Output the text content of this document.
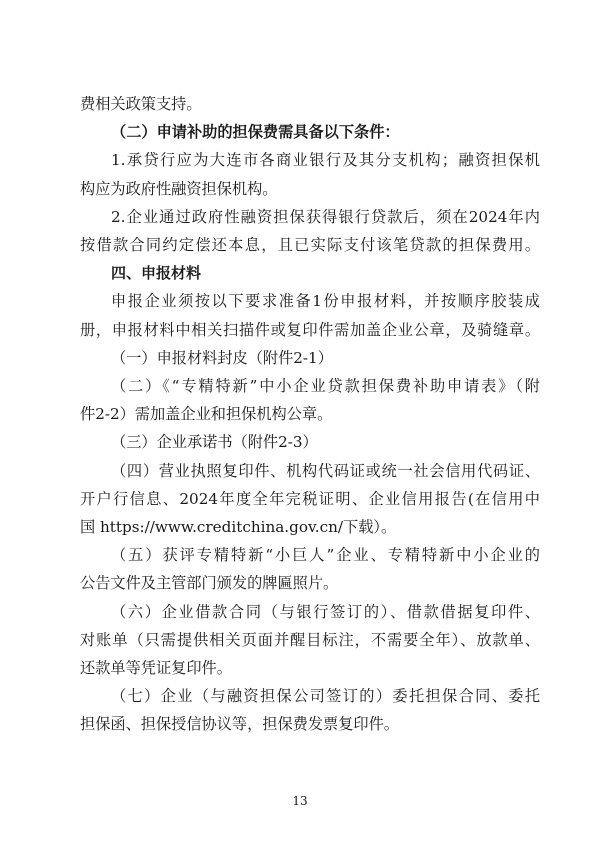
费相关政策支持。
（二）申请补助的担保费需具备以下条件：
1.承贷行应为大连市各商业银行及其分支机构；融资担保机
构应为政府性融资担保机构。
2.企业通过政府性融资担保获得银行贷款后，须在2024年内
按借款合同约定偿还本息，且已实际支付该笔贷款的担保费用。
四、申报材料
申报企业须按以下要求准备1份申报材料，并按顺序胶装成
册，申报材料中相关扫描件或复印件需加盖企业公章，及骑缝章。
（一）申报材料封皮（附件2-1）
（二）《“专精特新”中小企业贷款担保费补助申请表》（附
件2-2）需加盖企业和担保机构公章。
（三）企业承诺书（附件2-3）
（四）营业执照复印件、机构代码证或统一社会信用代码证、
开户行信息、2024年度全年完税证明、企业信用报告(在信用中
国 https://www.creditchina.gov.cn/下载）。
（五）获评专精特新“小巨人”企业、专精特新中小企业的
公告文件及主管部门颁发的牌匾照片。
（六）企业借款合同（与银行签订的）、借款借据复印件、
对账单（只需提供相关页面并醒目标注，不需要全年）、放款单、
还款单等凭证复印件。
（七）企业（与融资担保公司签订的）委托担保合同、委托
担保函、担保授信协议等，担保费发票复印件。
13
